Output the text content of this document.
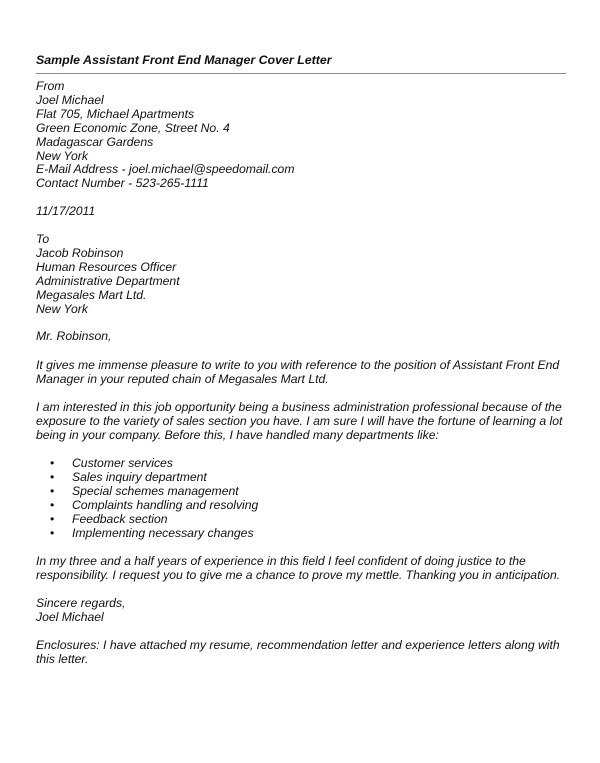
Sample Assistant Front End Manager Cover Letter
From
Joel Michael
Flat 705, Michael Apartments
Green Economic Zone, Street No. 4
Madagascar Gardens
New York
E-Mail Address - joel.michael@speedomail.com
Contact Number - 523-265-1111
11/17/2011
To
Jacob Robinson
Human Resources Officer
Administrative Department
Megasales Mart Ltd.
New York
Mr. Robinson,
It gives me immense pleasure to write to you with reference to the position of Assistant Front End Manager in your reputed chain of Megasales Mart Ltd.
I am interested in this job opportunity being a business administration professional because of the exposure to the variety of sales section you have. I am sure I will have the fortune of learning a lot being in your company. Before this, I have handled many departments like:
• Customer services
• Sales inquiry department
• Special schemes management
• Complaints handling and resolving
• Feedback section
• Implementing necessary changes
In my three and a half years of experience in this field I feel confident of doing justice to the responsibility. I request you to give me a chance to prove my mettle. Thanking you in anticipation.
Sincere regards,
Joel Michael
Enclosures: I have attached my resume, recommendation letter and experience letters along with this letter.
